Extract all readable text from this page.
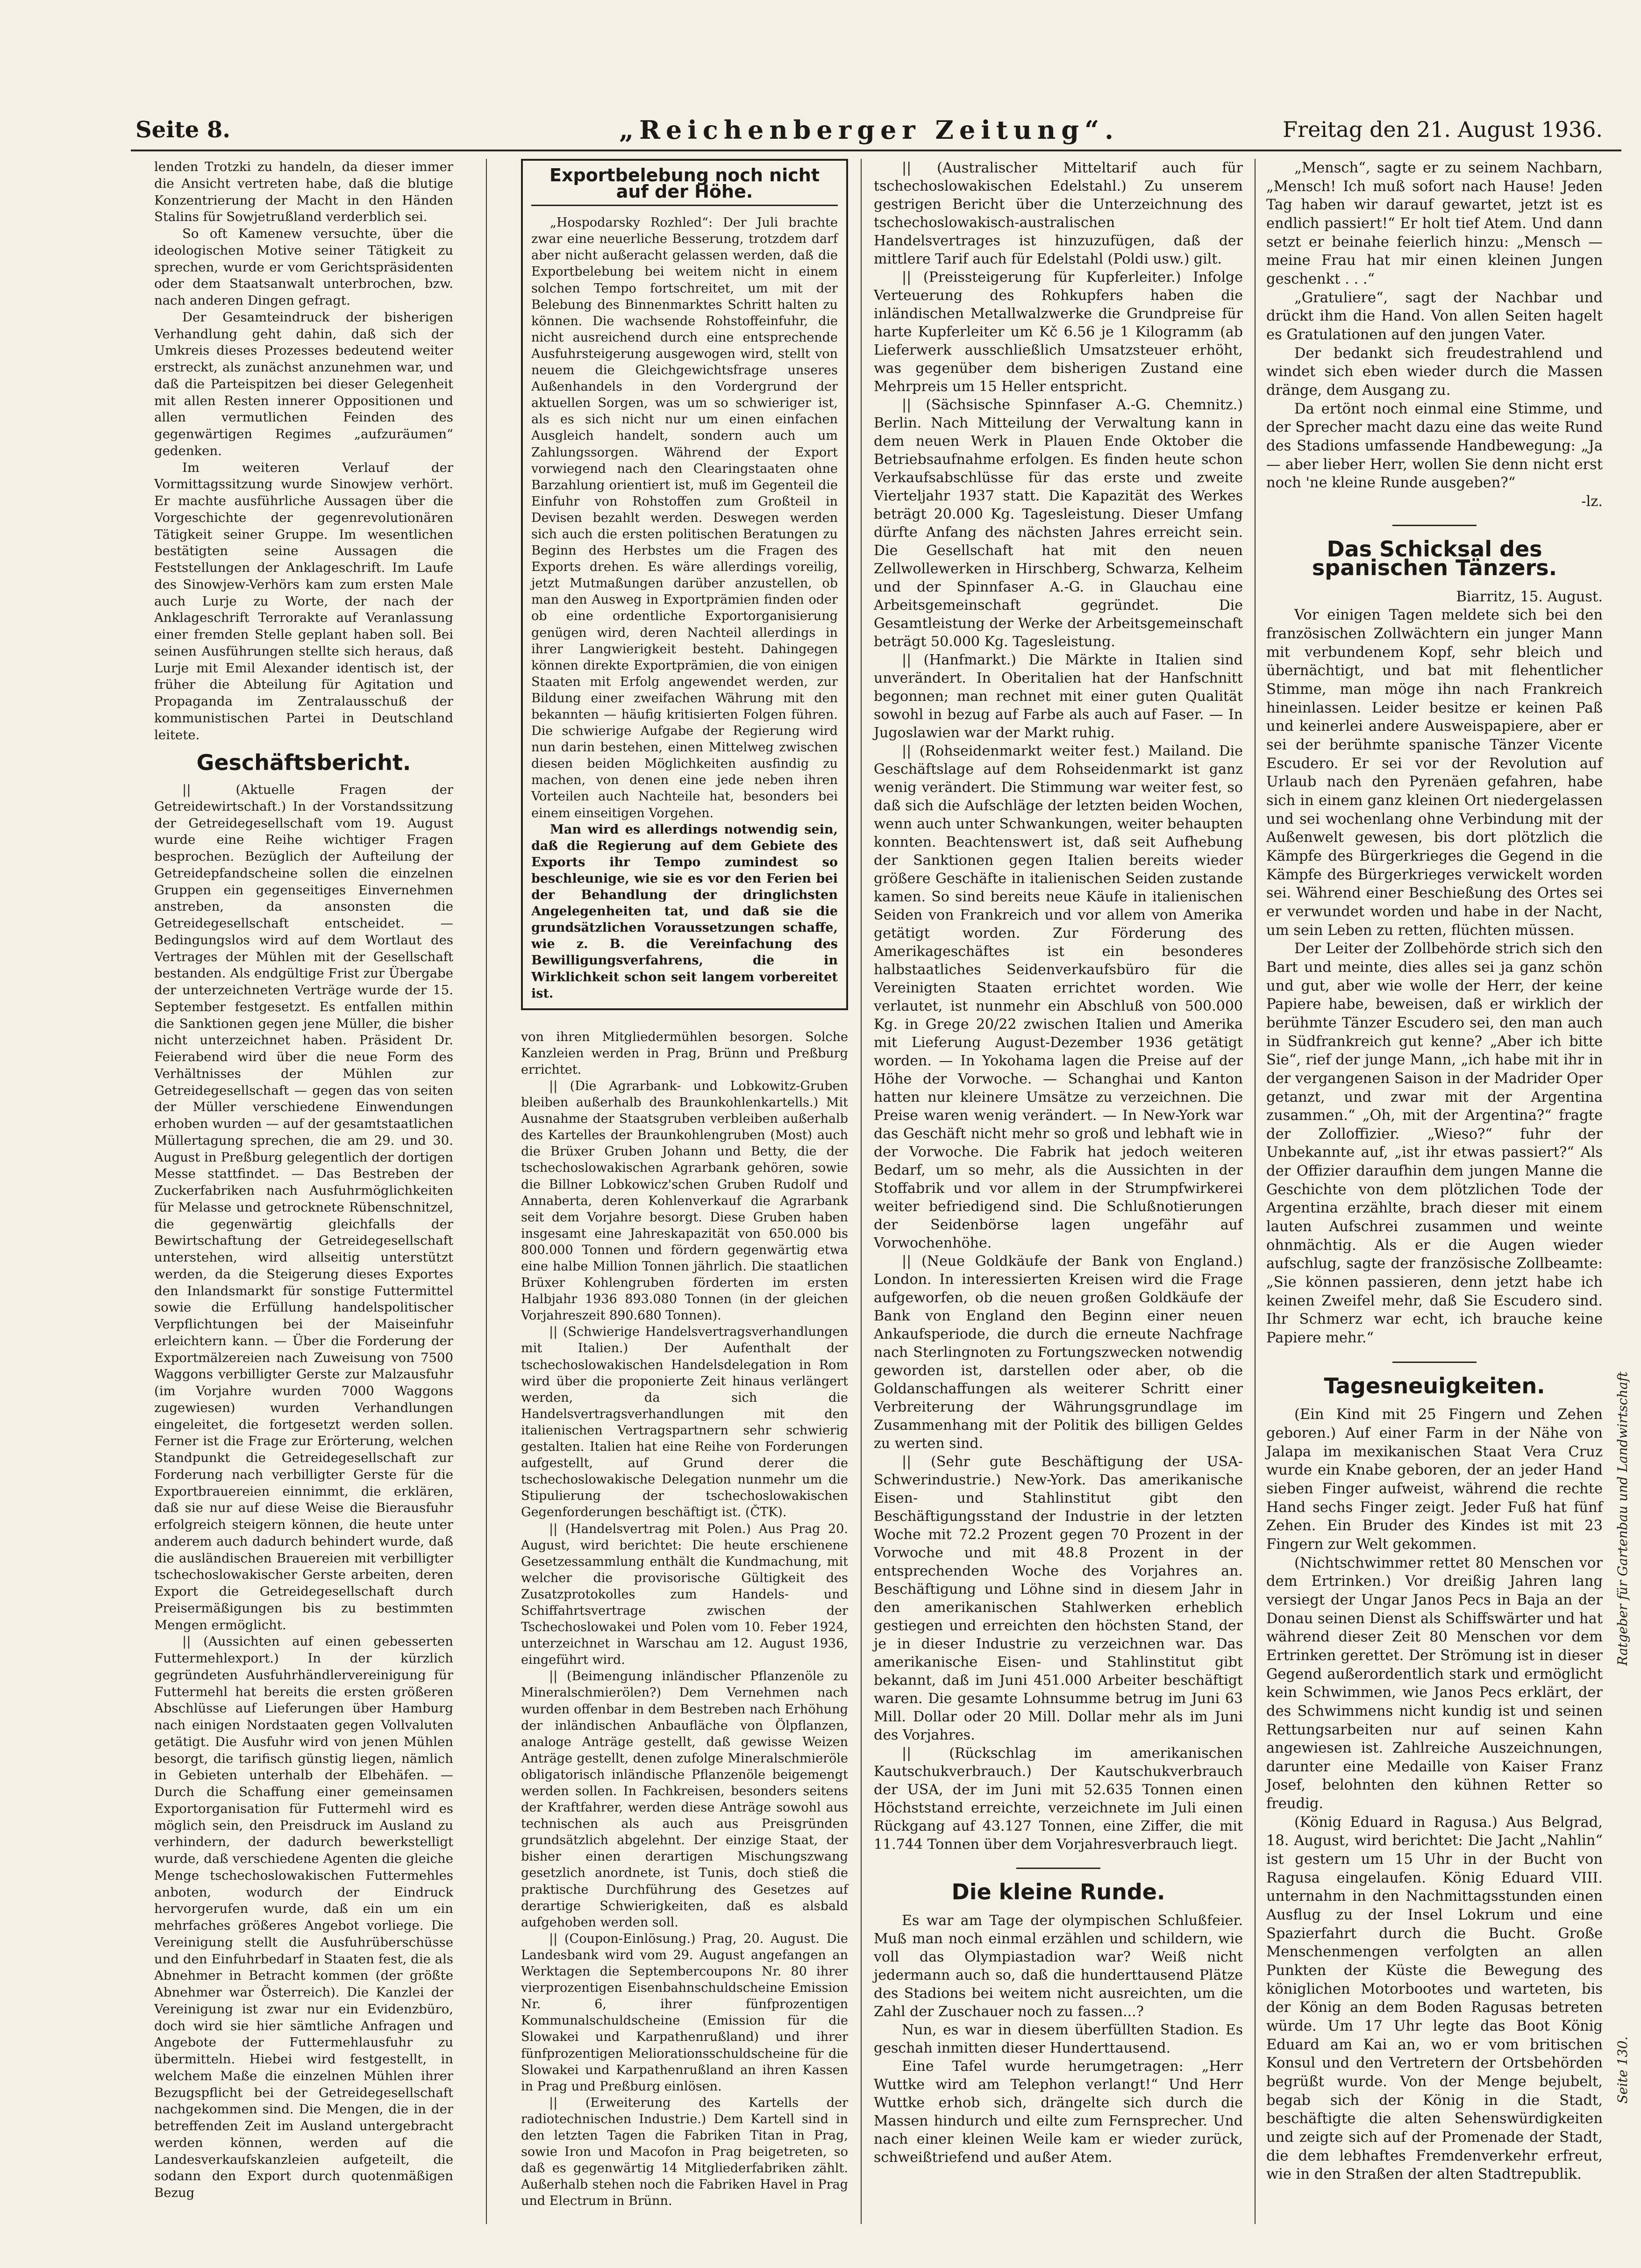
Seite 8.	„Reichenberger Zeitung“.	Freitag den 21. August 1936.

lenden Trotzki zu handeln, da dieser immer die Ansicht vertreten habe, daß die blutige Konzentrierung der Macht in den Händen Stalins für Sowjetrußland verderblich sei.

So oft Kamenew versuchte, über die ideologischen Motive seiner Tätigkeit zu sprechen, wurde er vom Gerichtspräsidenten oder dem Staatsanwalt unterbrochen, bzw. nach anderen Dingen gefragt.

Der Gesamteindruck der bisherigen Verhandlung geht dahin, daß sich der Umkreis dieses Prozesses bedeutend weiter erstreckt, als zunächst anzunehmen war, und daß die Parteispitzen bei dieser Gelegenheit mit allen Resten innerer Oppositionen und allen vermutlichen Feinden des gegenwärtigen Regimes „aufzuräumen“ gedenken.

Im weiteren Verlauf der Vormittagssitzung wurde Sinowjew verhört. Er machte ausführliche Aussagen über die Vorgeschichte der gegenrevolutionären Tätigkeit seiner Gruppe. Im wesentlichen bestätigten seine Aussagen die Feststellungen der Anklageschrift. Im Laufe des Sinowjew-Verhörs kam zum ersten Male auch Lurje zu Worte, der nach der Anklageschrift Terrorakte auf Veranlassung einer fremden Stelle geplant haben soll. Bei seinen Ausführungen stellte sich heraus, daß Lurje mit Emil Alexander identisch ist, der früher die Abteilung für Agitation und Propaganda im Zentralausschuß der kommunistischen Partei in Deutschland leitete.

Geschäftsbericht.

|| (Aktuelle Fragen der Getreidewirtschaft.) In der Vorstandssitzung der Getreidegesellschaft vom 19. August wurde eine Reihe wichtiger Fragen besprochen. Bezüglich der Aufteilung der Getreidepfandscheine sollen die einzelnen Gruppen ein gegenseitiges Einvernehmen anstreben, da ansonsten die Getreidegesellschaft entscheidet. — Bedingungslos wird auf dem Wortlaut des Vertrages der Mühlen mit der Gesellschaft bestanden. Als endgültige Frist zur Übergabe der unterzeichneten Verträge wurde der 15. September festgesetzt. Es entfallen mithin die Sanktionen gegen jene Müller, die bisher nicht unterzeichnet haben. Präsident Dr. Feierabend wird über die neue Form des Verhältnisses der Mühlen zur Getreidegesellschaft — gegen das von seiten der Müller verschiedene Einwendungen erhoben wurden — auf der gesamtstaatlichen Müllertagung sprechen, die am 29. und 30. August in Preßburg gelegentlich der dortigen Messe stattfindet. — Das Bestreben der Zuckerfabriken nach Ausfuhrmöglichkeiten für Melasse und getrocknete Rübenschnitzel, die gegenwärtig gleichfalls der Bewirtschaftung der Getreidegesellschaft unterstehen, wird allseitig unterstützt werden, da die Steigerung dieses Exportes den Inlandsmarkt für sonstige Futtermittel sowie die Erfüllung handelspolitischer Verpflichtungen bei der Maiseinfuhr erleichtern kann. — Über die Forderung der Exportmälzereien nach Zuweisung von 7500 Waggons verbilligter Gerste zur Malzausfuhr (im Vorjahre wurden 7000 Waggons zugewiesen) wurden Verhandlungen eingeleitet, die fortgesetzt werden sollen. Ferner ist die Frage zur Erörterung, welchen Standpunkt die Getreidegesellschaft zur Forderung nach verbilligter Gerste für die Exportbrauereien einnimmt, die erklären, daß sie nur auf diese Weise die Bierausfuhr erfolgreich steigern können, die heute unter anderem auch dadurch behindert wurde, daß die ausländischen Brauereien mit verbilligter tschechoslowakischer Gerste arbeiten, deren Export die Getreidegesellschaft durch Preisermäßigungen bis zu bestimmten Mengen ermöglicht.

|| (Aussichten auf einen gebesserten Futtermehlexport.) In der kürzlich gegründeten Ausfuhrhändlervereinigung für Futtermehl hat bereits die ersten größeren Abschlüsse auf Lieferungen über Hamburg nach einigen Nordstaaten gegen Vollvaluten getätigt. Die Ausfuhr wird von jenen Mühlen besorgt, die tarifisch günstig liegen, nämlich in Gebieten unterhalb der Elbehäfen. — Durch die Schaffung einer gemeinsamen Exportorganisation für Futtermehl wird es möglich sein, den Preisdruck im Ausland zu verhindern, der dadurch bewerkstelligt wurde, daß verschiedene Agenten die gleiche Menge tschechoslowakischen Futtermehles anboten, wodurch der Eindruck hervorgerufen wurde, daß ein um ein mehrfaches größeres Angebot vorliege. Die Vereinigung stellt die Ausfuhrüberschüsse und den Einfuhrbedarf in Staaten fest, die als Abnehmer in Betracht kommen (der größte Abnehmer war Österreich). Die Kanzlei der Vereinigung ist zwar nur ein Evidenzbüro, doch wird sie hier sämtliche Anfragen und Angebote der Futtermehlausfuhr zu übermitteln. Hiebei wird festgestellt, in welchem Maße die einzelnen Mühlen ihrer Bezugspflicht bei der Getreidegesellschaft nachgekommen sind. Die Mengen, die in der betreffenden Zeit im Ausland untergebracht werden können, werden auf die Landesverkaufskanzleien aufgeteilt, die sodann den Export durch quotenmäßigen Bezug

Exportbelebung noch nicht auf der Höhe.

„Hospodarsky Rozhled“: Der Juli brachte zwar eine neuerliche Besserung, trotzdem darf aber nicht außeracht gelassen werden, daß die Exportbelebung bei weitem nicht in einem solchen Tempo fortschreitet, um mit der Belebung des Binnenmarktes Schritt halten zu können. Die wachsende Rohstoffeinfuhr, die nicht ausreichend durch eine entsprechende Ausfuhrsteigerung ausgewogen wird, stellt von neuem die Gleichgewichtsfrage unseres Außenhandels in den Vordergrund der aktuellen Sorgen, was um so schwieriger ist, als es sich nicht nur um einen einfachen Ausgleich handelt, sondern auch um Zahlungssorgen. Während der Export vorwiegend nach den Clearingstaaten ohne Barzahlung orientiert ist, muß im Gegenteil die Einfuhr von Rohstoffen zum Großteil in Devisen bezahlt werden. Deswegen werden sich auch die ersten politischen Beratungen zu Beginn des Herbstes um die Fragen des Exports drehen. Es wäre allerdings voreilig, jetzt Mutmaßungen darüber anzustellen, ob man den Ausweg in Exportprämien finden oder ob eine ordentliche Exportorganisierung genügen wird, deren Nachteil allerdings in ihrer Langwierigkeit besteht. Dahingegen können direkte Exportprämien, die von einigen Staaten mit Erfolg angewendet werden, zur Bildung einer zweifachen Währung mit den bekannten — häufig kritisierten Folgen führen. Die schwierige Aufgabe der Regierung wird nun darin bestehen, einen Mittelweg zwischen diesen beiden Möglichkeiten ausfindig zu machen, von denen eine jede neben ihren Vorteilen auch Nachteile hat, besonders bei einem einseitigen Vorgehen.

Man wird es allerdings notwendig sein, daß die Regierung auf dem Gebiete des Exports ihr Tempo zumindest so beschleunige, wie sie es vor den Ferien bei der Behandlung der dringlichsten Angelegenheiten tat, und daß sie die grundsätzlichen Voraussetzungen schaffe, wie z. B. die Vereinfachung des Bewilligungsverfahrens, die in Wirklichkeit schon seit langem vorbereitet ist.

von ihren Mitgliedermühlen besorgen. Solche Kanzleien werden in Prag, Brünn und Preßburg errichtet.

|| (Die Agrarbank- und Lobkowitz-Gruben bleiben außerhalb des Braunkohlenkartells.) Mit Ausnahme der Staatsgruben verbleiben außerhalb des Kartelles der Braunkohlengruben (Most) auch die Brüxer Gruben Johann und Betty, die der tschechoslowakischen Agrarbank gehören, sowie die Billner Lobkowicz'schen Gruben Rudolf und Annaberta, deren Kohlenverkauf die Agrarbank seit dem Vorjahre besorgt. Diese Gruben haben insgesamt eine Jahreskapazität von 650.000 bis 800.000 Tonnen und fördern gegenwärtig etwa eine halbe Million Tonnen jährlich. Die staatlichen Brüxer Kohlengruben förderten im ersten Halbjahr 1936 893.080 Tonnen (in der gleichen Vorjahreszeit 890.680 Tonnen).

|| (Schwierige Handelsvertragsverhandlungen mit Italien.) Der Aufenthalt der tschechoslowakischen Handelsdelegation in Rom wird über die proponierte Zeit hinaus verlängert werden, da sich die Handelsvertragsverhandlungen mit den italienischen Vertragspartnern sehr schwierig gestalten. Italien hat eine Reihe von Forderungen aufgestellt, auf Grund derer die tschechoslowakische Delegation nunmehr um die Stipulierung der tschechoslowakischen Gegenforderungen beschäftigt ist. (ČTK).

|| (Handelsvertrag mit Polen.) Aus Prag 20. August, wird berichtet: Die heute erschienene Gesetzessammlung enthält die Kundmachung, mit welcher die provisorische Gültigkeit des Zusatzprotokolles zum Handels- und Schiffahrtsvertrage zwischen der Tschechoslowakei und Polen vom 10. Feber 1924, unterzeichnet in Warschau am 12. August 1936, eingeführt wird.

|| (Beimengung inländischer Pflanzenöle zu Mineralschmierölen?) Dem Vernehmen nach wurden offenbar in dem Bestreben nach Erhöhung der inländischen Anbaufläche von Ölpflanzen, analoge Anträge gestellt, daß gewisse Weizen Anträge gestellt, denen zufolge Mineralschmieröle obligatorisch inländische Pflanzenöle beigemengt werden sollen. In Fachkreisen, besonders seitens der Kraftfahrer, werden diese Anträge sowohl aus technischen als auch aus Preisgründen grundsätzlich abgelehnt. Der einzige Staat, der bisher einen derartigen Mischungszwang gesetzlich anordnete, ist Tunis, doch stieß die praktische Durchführung des Gesetzes auf derartige Schwierigkeiten, daß es alsbald aufgehoben werden soll.

|| (Coupon-Einlösung.) Prag, 20. August. Die Landesbank wird vom 29. August angefangen an Werktagen die Septembercoupons Nr. 80 ihrer vierprozentigen Eisenbahnschuldscheine Emission Nr. 6, ihrer fünfprozentigen Kommunalschuldscheine (Emission für die Slowakei und Karpathenrußland) und ihrer fünfprozentigen Meliorationsschuldscheine für die Slowakei und Karpathenrußland an ihren Kassen in Prag und Preßburg einlösen.

|| (Erweiterung des Kartells der radiotechnischen Industrie.) Dem Kartell sind in den letzten Tagen die Fabriken Titan in Prag, sowie Iron und Macofon in Prag beigetreten, so daß es gegenwärtig 14 Mitgliederfabriken zählt. Außerhalb stehen noch die Fabriken Havel in Prag und Electrum in Brünn.

|| (Australischer Mitteltarif auch für tschechoslowakischen Edelstahl.) Zu unserem gestrigen Bericht über die Unterzeichnung des tschechoslowakisch-australischen Handelsvertrages ist hinzuzufügen, daß der mittlere Tarif auch für Edelstahl (Poldi usw.) gilt.

|| (Preissteigerung für Kupferleiter.) Infolge Verteuerung des Rohkupfers haben die inländischen Metallwalzwerke die Grundpreise für harte Kupferleiter um Kč 6.56 je 1 Kilogramm (ab Lieferwerk ausschließlich Umsatzsteuer erhöht, was gegenüber dem bisherigen Zustand eine Mehrpreis um 15 Heller entspricht.

|| (Sächsische Spinnfaser A.-G. Chemnitz.) Berlin. Nach Mitteilung der Verwaltung kann in dem neuen Werk in Plauen Ende Oktober die Betriebsaufnahme erfolgen. Es finden heute schon Verkaufsabschlüsse für das erste und zweite Vierteljahr 1937 statt. Die Kapazität des Werkes beträgt 20.000 Kg. Tagesleistung. Dieser Umfang dürfte Anfang des nächsten Jahres erreicht sein. Die Gesellschaft hat mit den neuen Zellwollewerken in Hirschberg, Schwarza, Kelheim und der Spinnfaser A.-G. in Glauchau eine Arbeitsgemeinschaft gegründet. Die Gesamtleistung der Werke der Arbeitsgemeinschaft beträgt 50.000 Kg. Tagesleistung.

|| (Hanfmarkt.) Die Märkte in Italien sind unverändert. In Oberitalien hat der Hanfschnitt begonnen; man rechnet mit einer guten Qualität sowohl in bezug auf Farbe als auch auf Faser. — In Jugoslawien war der Markt ruhig.

|| (Rohseidenmarkt weiter fest.) Mailand. Die Geschäftslage auf dem Rohseidenmarkt ist ganz wenig verändert. Die Stimmung war weiter fest, so daß sich die Aufschläge der letzten beiden Wochen, wenn auch unter Schwankungen, weiter behaupten konnten. Beachtenswert ist, daß seit Aufhebung der Sanktionen gegen Italien bereits wieder größere Geschäfte in italienischen Seiden zustande kamen. So sind bereits neue Käufe in italienischen Seiden von Frankreich und vor allem von Amerika getätigt worden. Zur Förderung des Amerikageschäftes ist ein besonderes halbstaatliches Seidenverkaufsbüro für die Vereinigten Staaten errichtet worden. Wie verlautet, ist nunmehr ein Abschluß von 500.000 Kg. in Grege 20/22 zwischen Italien und Amerika mit Lieferung August-Dezember 1936 getätigt worden. — In Yokohama lagen die Preise auf der Höhe der Vorwoche. — Schanghai und Kanton hatten nur kleinere Umsätze zu verzeichnen. Die Preise waren wenig verändert. — In New-York war das Geschäft nicht mehr so groß und lebhaft wie in der Vorwoche. Die Fabrik hat jedoch weiteren Bedarf, um so mehr, als die Aussichten in der Stoffabrik und vor allem in der Strumpfwirkerei weiter befriedigend sind. Die Schlußnotierungen der Seidenbörse lagen ungefähr auf Vorwochenhöhe.

|| (Neue Goldkäufe der Bank von England.) London. In interessierten Kreisen wird die Frage aufgeworfen, ob die neuen großen Goldkäufe der Bank von England den Beginn einer neuen Ankaufsperiode, die durch die erneute Nachfrage nach Sterlingnoten zu Fortungszwecken notwendig geworden ist, darstellen oder aber, ob die Goldanschaffungen als weiterer Schritt einer Verbreiterung der Währungsgrundlage im Zusammenhang mit der Politik des billigen Geldes zu werten sind.

|| (Sehr gute Beschäftigung der USA-Schwerindustrie.) New-York. Das amerikanische Eisen- und Stahlinstitut gibt den Beschäftigungsstand der Industrie in der letzten Woche mit 72.2 Prozent gegen 70 Prozent in der Vorwoche und mit 48.8 Prozent in der entsprechenden Woche des Vorjahres an. Beschäftigung und Löhne sind in diesem Jahr in den amerikanischen Stahlwerken erheblich gestiegen und erreichten den höchsten Stand, der je in dieser Industrie zu verzeichnen war. Das amerikanische Eisen- und Stahlinstitut gibt bekannt, daß im Juni 451.000 Arbeiter beschäftigt waren. Die gesamte Lohnsumme betrug im Juni 63 Mill. Dollar oder 20 Mill. Dollar mehr als im Juni des Vorjahres.

|| (Rückschlag im amerikanischen Kautschukverbrauch.) Der Kautschukverbrauch der USA, der im Juni mit 52.635 Tonnen einen Höchststand erreichte, verzeichnete im Juli einen Rückgang auf 43.127 Tonnen, eine Ziffer, die mit 11.744 Tonnen über dem Vorjahresverbrauch liegt.

Die kleine Runde.

Es war am Tage der olympischen Schlußfeier. Muß man noch einmal erzählen und schildern, wie voll das Olympiastadion war? Weiß nicht jedermann auch so, daß die hunderttausend Plätze des Stadions bei weitem nicht ausreichten, um die Zahl der Zuschauer noch zu fassen...?

Nun, es war in diesem überfüllten Stadion. Es geschah inmitten dieser Hunderttausend.

Eine Tafel wurde herumgetragen: „Herr Wuttke wird am Telephon verlangt!“ Und Herr Wuttke erhob sich, drängelte sich durch die Massen hindurch und eilte zum Fernsprecher. Und nach einer kleinen Weile kam er wieder zurück, schweißtriefend und außer Atem.

„Mensch“, sagte er zu seinem Nachbarn, „Mensch! Ich muß sofort nach Hause! Jeden Tag haben wir darauf gewartet, jetzt ist es endlich passiert!“ Er holt tief Atem. Und dann setzt er beinahe feierlich hinzu: „Mensch — meine Frau hat mir einen kleinen Jungen geschenkt . . .“

„Gratuliere“, sagt der Nachbar und drückt ihm die Hand. Von allen Seiten hagelt es Gratulationen auf den jungen Vater.

Der bedankt sich freudestrahlend und windet sich eben wieder durch die Massen dränge, dem Ausgang zu.

Da ertönt noch einmal eine Stimme, und der Sprecher macht dazu eine das weite Rund des Stadions umfassende Handbewegung: „Ja — aber lieber Herr, wollen Sie denn nicht erst noch 'ne kleine Runde ausgeben?“

-lz.

Das Schicksal des spanischen Tänzers.

Biarritz, 15. August.

Vor einigen Tagen meldete sich bei den französischen Zollwächtern ein junger Mann mit verbundenem Kopf, sehr bleich und übernächtigt, und bat mit flehentlicher Stimme, man möge ihn nach Frankreich hineinlassen. Leider besitze er keinen Paß und keinerlei andere Ausweispapiere, aber er sei der berühmte spanische Tänzer Vicente Escudero. Er sei vor der Revolution auf Urlaub nach den Pyrenäen gefahren, habe sich in einem ganz kleinen Ort niedergelassen und sei wochenlang ohne Verbindung mit der Außenwelt gewesen, bis dort plötzlich die Kämpfe des Bürgerkrieges die Gegend in die Kämpfe des Bürgerkrieges verwickelt worden sei. Während einer Beschießung des Ortes sei er verwundet worden und habe in der Nacht, um sein Leben zu retten, flüchten müssen.

Der Leiter der Zollbehörde strich sich den Bart und meinte, dies alles sei ja ganz schön und gut, aber wie wolle der Herr, der keine Papiere habe, beweisen, daß er wirklich der berühmte Tänzer Escudero sei, den man auch in Südfrankreich gut kenne? „Aber ich bitte Sie“, rief der junge Mann, „ich habe mit ihr in der vergangenen Saison in der Madrider Oper getanzt, und zwar mit der Argentina zusammen.“ „Oh, mit der Argentina?“ fragte der Zolloffizier. „Wieso?“ fuhr der Unbekannte auf, „ist ihr etwas passiert?“ Als der Offizier daraufhin dem jungen Manne die Geschichte von dem plötzlichen Tode der Argentina erzählte, brach dieser mit einem lauten Aufschrei zusammen und weinte ohnmächtig. Als er die Augen wieder aufschlug, sagte der französische Zollbeamte: „Sie können passieren, denn jetzt habe ich keinen Zweifel mehr, daß Sie Escudero sind. Ihr Schmerz war echt, ich brauche keine Papiere mehr.“

Tagesneuigkeiten.

(Ein Kind mit 25 Fingern und Zehen geboren.) Auf einer Farm in der Nähe von Jalapa im mexikanischen Staat Vera Cruz wurde ein Knabe geboren, der an jeder Hand sieben Finger aufweist, während die rechte Hand sechs Finger zeigt. Jeder Fuß hat fünf Zehen. Ein Bruder des Kindes ist mit 23 Fingern zur Welt gekommen.

(Nichtschwimmer rettet 80 Menschen vor dem Ertrinken.) Vor dreißig Jahren lang versiegt der Ungar Janos Pecs in Baja an der Donau seinen Dienst als Schiffswärter und hat während dieser Zeit 80 Menschen vor dem Ertrinken gerettet. Der Strömung ist in dieser Gegend außerordentlich stark und ermöglicht kein Schwimmen, wie Janos Pecs erklärt, der des Schwimmens nicht kundig ist und seinen Rettungsarbeiten nur auf seinen Kahn angewiesen ist. Zahlreiche Auszeichnungen, darunter eine Medaille von Kaiser Franz Josef, belohnten den kühnen Retter so freudig.

(König Eduard in Ragusa.) Aus Belgrad, 18. August, wird berichtet: Die Jacht „Nahlin“ ist gestern um 15 Uhr in der Bucht von Ragusa eingelaufen. König Eduard VIII. unternahm in den Nachmittagsstunden einen Ausflug zu der Insel Lokrum und eine Spazierfahrt durch die Bucht. Große Menschenmengen verfolgten an allen Punkten der Küste die Bewegung des königlichen Motorbootes und warteten, bis der König an dem Boden Ragusas betreten würde. Um 17 Uhr legte das Boot König Eduard am Kai an, wo er vom britischen Konsul und den Vertretern der Ortsbehörden begrüßt wurde. Von der Menge bejubelt, begab sich der König in die Stadt, beschäftigte die alten Sehenswürdigkeiten und zeigte sich auf der Promenade der Stadt, die dem lebhaftes Fremdenverkehr erfreut, wie in den Straßen der alten Stadtrepublik.

Ratgeber für Gartenbau und Landwirtschaft
Seite 130.
